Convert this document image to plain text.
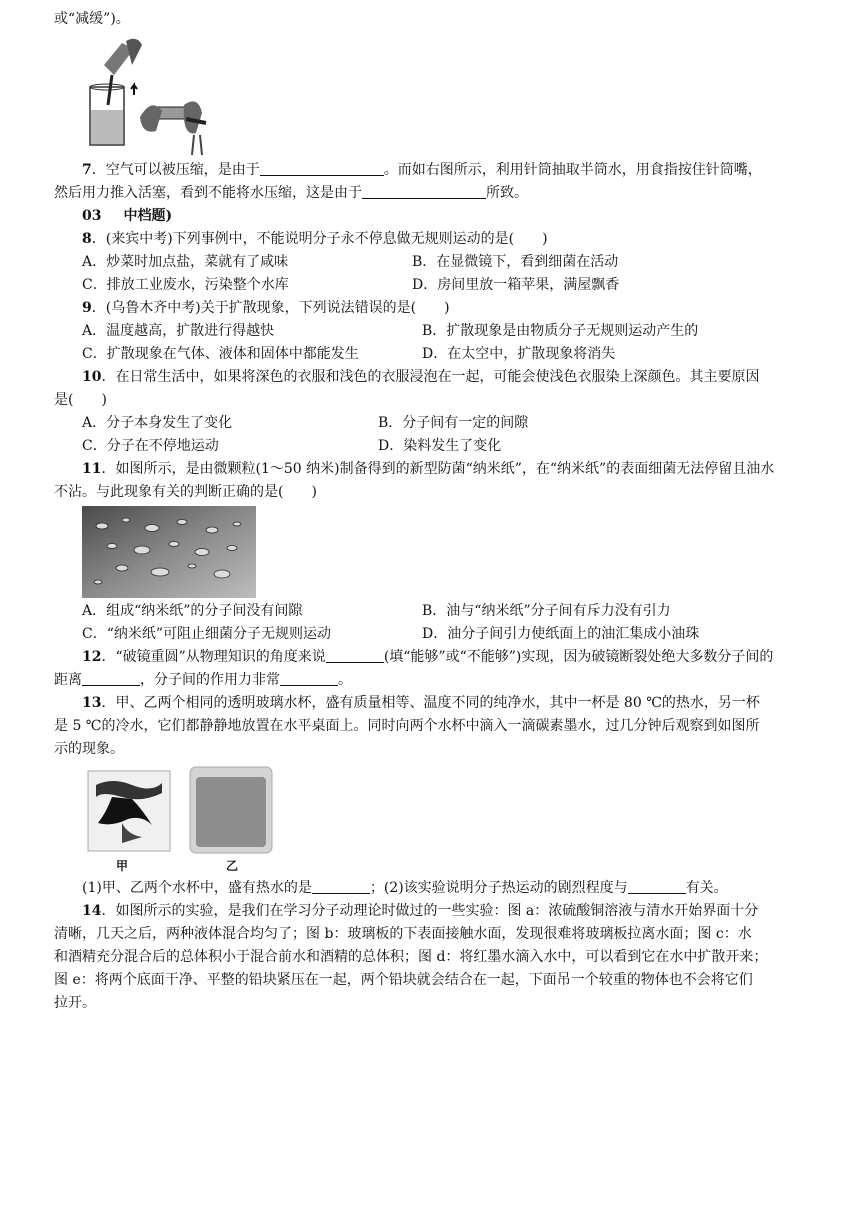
或“减缓”)。

7．空气可以被压缩，是由于	。而如右图所示，利用针筒抽取半筒水，用食指按住针筒嘴，

然后用力推入活塞，看到不能将水压缩，这是由于	所致。

03 中档题)

8．(来宾中考)下列事例中，不能说明分子永不停息做无规则运动的是(　　)

A．炒菜时加点盐，菜就有了咸味	B．在显微镜下，看到细菌在活动
C．排放工业废水，污染整个水库	D．房间里放一箱苹果，满屋飘香

9．(乌鲁木齐中考)关于扩散现象，下列说法错误的是(　　)

A．温度越高，扩散进行得越快	B．扩散现象是由物质分子无规则运动产生的
C．扩散现象在气体、液体和固体中都能发生	D．在太空中，扩散现象将消失

10．在日常生活中，如果将深色的衣服和浅色的衣服浸泡在一起，可能会使浅色衣服染上深颜色。其主要原因

是(　　)

A．分子本身发生了变化	B．分子间有一定的间隙
C．分子在不停地运动	D．染料发生了变化

11．如图所示，是由微颗粒(1～50 纳米)制备得到的新型防菌“纳米纸”，在“纳米纸”的表面细菌无法停留且油水

不沾。与此现象有关的判断正确的是(　　)

A．组成“纳米纸”的分子间没有间隙	B．油与“纳米纸”分子间有斥力没有引力
C．“纳米纸”可阻止细菌分子无规则运动	D．油分子间引力使纸面上的油汇集成小油珠

12．“破镜重圆”从物理知识的角度来说	(填“能够”或“不能够”)实现，因为破镜断裂处绝大多数分子间的

距离	，分子间的作用力非常	。

13．甲、乙两个相同的透明玻璃水杯，盛有质量相等、温度不同的纯净水，其中一杯是 80 ℃的热水，另一杯

是 5 ℃的冷水，它们都静静地放置在水平桌面上。同时向两个水杯中滴入一滴碳素墨水，过几分钟后观察到如图所

示的现象。

甲	乙

(1)甲、乙两个水杯中，盛有热水的是	；(2)该实验说明分子热运动的剧烈程度与	有关。

14．如图所示的实验，是我们在学习分子动理论时做过的一些实验：图 a：浓硫酸铜溶液与清水开始界面十分

清晰，几天之后，两种液体混合均匀了；图 b：玻璃板的下表面接触水面，发现很难将玻璃板拉离水面；图 c：水

和酒精充分混合后的总体积小于混合前水和酒精的总体积；图 d：将红墨水滴入水中，可以看到它在水中扩散开来；

图 e：将两个底面干净、平整的铅块紧压在一起，两个铅块就会结合在一起，下面吊一个较重的物体也不会将它们

拉开。
